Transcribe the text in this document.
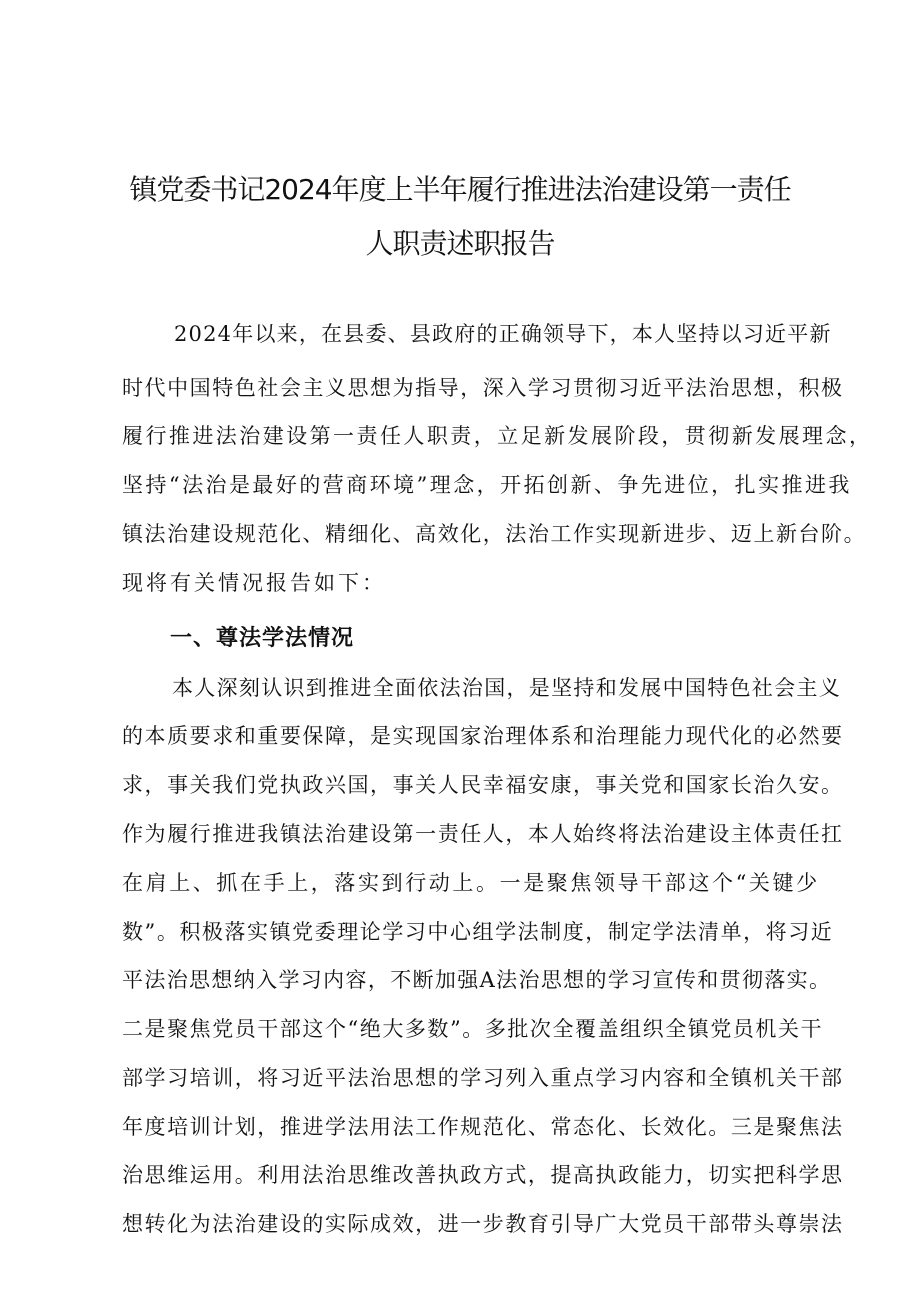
镇党委书记2024年度上半年履行推进法治建设第一责任
人职责述职报告

2024年以来，在县委、县政府的正确领导下，本人坚持以习近平新

时代中国特色社会主义思想为指导，深入学习贯彻习近平法治思想，积极

履行推进法治建设第一责任人职责，立足新发展阶段，贯彻新发展理念，

坚持“法治是最好的营商环境”理念，开拓创新、争先进位，扎实推进我

镇法治建设规范化、精细化、高效化，法治工作实现新进步、迈上新台阶。

现将有关情况报告如下：

一、尊法学法情况

本人深刻认识到推进全面依法治国，是坚持和发展中国特色社会主义

的本质要求和重要保障，是实现国家治理体系和治理能力现代化的必然要

求，事关我们党执政兴国，事关人民幸福安康，事关党和国家长治久安。

作为履行推进我镇法治建设第一责任人，本人始终将法治建设主体责任扛

在肩上、抓在手上，落实到行动上。一是聚焦领导干部这个“关键少

数”。积极落实镇党委理论学习中心组学法制度，制定学法清单，将习近

平法治思想纳入学习内容，不断加强A法治思想的学习宣传和贯彻落实。

二是聚焦党员干部这个“绝大多数”。多批次全覆盖组织全镇党员机关干

部学习培训，将习近平法治思想的学习列入重点学习内容和全镇机关干部

年度培训计划，推进学法用法工作规范化、常态化、长效化。三是聚焦法

治思维运用。利用法治思维改善执政方式，提高执政能力，切实把科学思

想转化为法治建设的实际成效，进一步教育引导广大党员干部带头尊崇法
